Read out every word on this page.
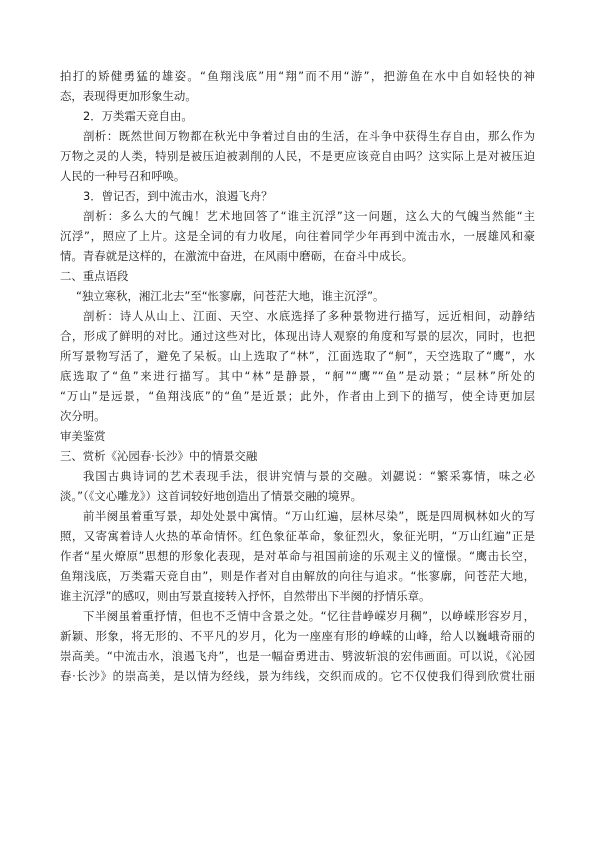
拍打的矫健勇猛的雄姿。“鱼翔浅底”用“翔”而不用“游”，把游鱼在水中自如轻快的神
态，表现得更加形象生动。
2．万类霜天竞自由。
剖析：既然世间万物都在秋光中争着过自由的生活，在斗争中获得生存自由，那么作为
万物之灵的人类，特别是被压迫被剥削的人民，不是更应该竞自由吗？这实际上是对被压迫
人民的一种号召和呼唤。
3．曾记否，到中流击水，浪遏飞舟？
剖析：多么大的气魄！艺术地回答了“谁主沉浮”这一问题，这么大的气魄当然能“主
沉浮”，照应了上片。这是全词的有力收尾，向往着同学少年再到中流击水，一展雄风和豪
情。青春就是这样的，在激流中奋进，在风雨中磨砺，在奋斗中成长。
二、重点语段
“独立寒秋，湘江北去”至“怅寥廓，问苍茫大地，谁主沉浮”。
剖析：诗人从山上、江面、天空、水底选择了多种景物进行描写，远近相间，动静结
合，形成了鲜明的对比。通过这些对比，体现出诗人观察的角度和写景的层次，同时，也把
所写景物写活了，避免了呆板。山上选取了“林”，江面选取了“舸”，天空选取了“鹰”，水
底选取了“鱼”来进行描写。其中“林”是静景，“舸”“鹰”“鱼”是动景；“层林”所处的
“万山”是远景，“鱼翔浅底”的“鱼”是近景；此外，作者由上到下的描写，使全诗更加层
次分明。
审美鉴赏
三、赏析《沁园春·长沙》中的情景交融
我国古典诗词的艺术表现手法，很讲究情与景的交融。刘勰说：“繁采寡情，味之必
淡。”（《文心雕龙》）这首词较好地创造出了情景交融的境界。
前半阕虽着重写景，却处处景中寓情。“万山红遍，层林尽染”，既是四周枫林如火的写
照，又寄寓着诗人火热的革命情怀。红色象征革命，象征烈火，象征光明，“万山红遍”正是
作者“星火燎原”思想的形象化表现，是对革命与祖国前途的乐观主义的憧憬。“鹰击长空，
鱼翔浅底，万类霜天竞自由”，则是作者对自由解放的向往与追求。“怅寥廓，问苍茫大地，
谁主沉浮”的感叹，则由写景直接转入抒怀，自然带出下半阕的抒情乐章。
下半阕虽着重抒情，但也不乏情中含景之处。“忆往昔峥嵘岁月稠”，以峥嵘形容岁月，
新颖、形象，将无形的、不平凡的岁月，化为一座座有形的峥嵘的山峰，给人以巍峨奇丽的
崇高美。“中流击水，浪遏飞舟”，也是一幅奋勇进击、劈波斩浪的宏伟画面。可以说，《沁园
春·长沙》的崇高美，是以情为经线，景为纬线，交织而成的。它不仅使我们得到欣赏壮丽
